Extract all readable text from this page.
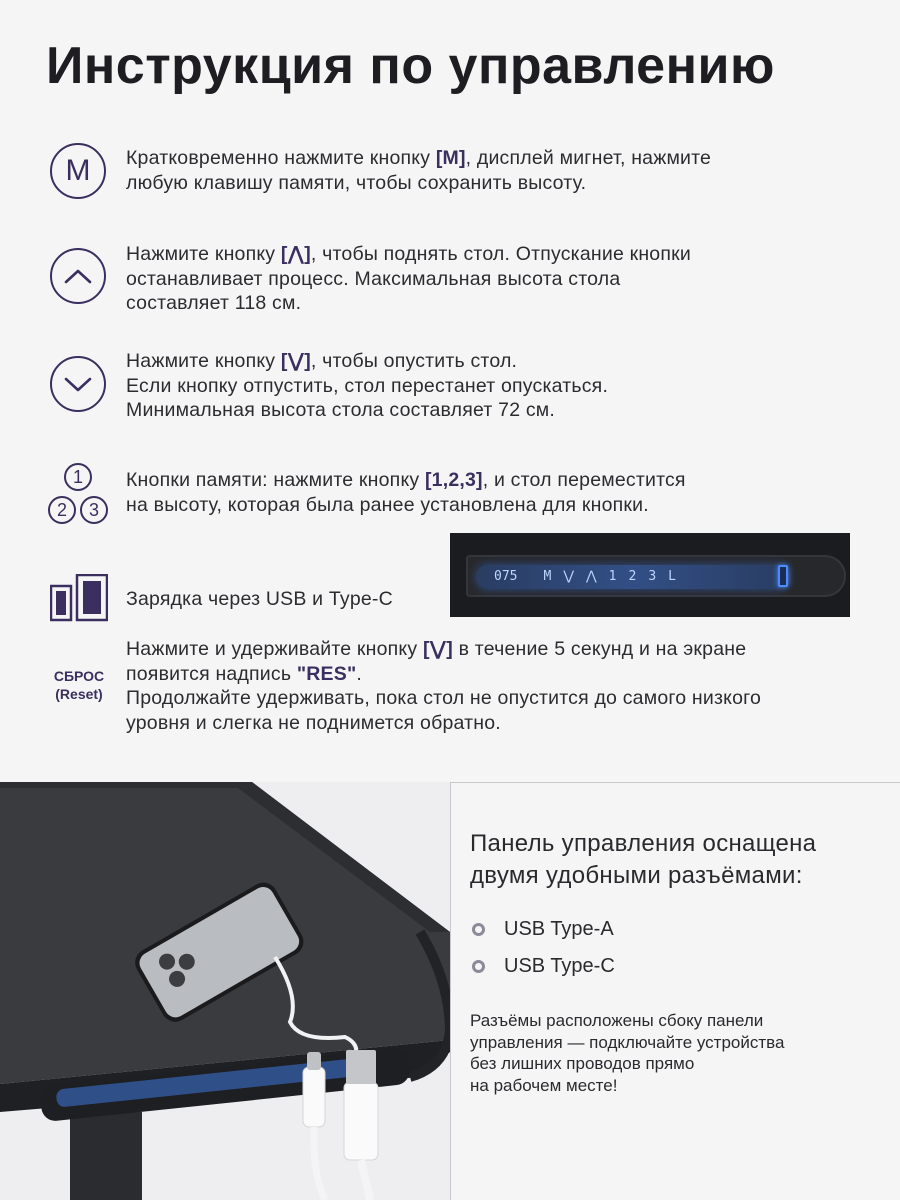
Инструкция по управлению
M Кратковременно нажмите кнопку [M], дисплей мигнет, нажмите

любую клавишу памяти, чтобы сохранить высоту.

Нажмите кнопку [⋀], чтобы поднять стол. Отпускание кнопки

останавливает процесс. Максимальная высота стола

составляет 118 см.

Нажмите кнопку [⋁], чтобы опустить стол.

Если кнопку отпустить, стол перестанет опускаться.

Минимальная высота стола составляет 72 см.

1
2 3

Кнопки памяти: нажмите кнопку [1,2,3], и стол переместится

на высоту, которая была ранее установлена для кнопки.

Зарядка через USB и Type-C
075 M ⋁ ⋀ 1 2 3 L
СБРОС
(Reset)

Нажмите и удерживайте кнопку [⋁] в течение 5 секунд и на экране

появится надпись "RES".

Продолжайте удерживать, пока стол не опустится до самого низкого

уровня и слегка не поднимется обратно.

Панель управления оснащена

двумя удобными разъёмами:

USB Type-A
USB Type-C

Разъёмы расположены сбоку панели

управления — подключайте устройства

без лишних проводов прямо

на рабочем месте!
